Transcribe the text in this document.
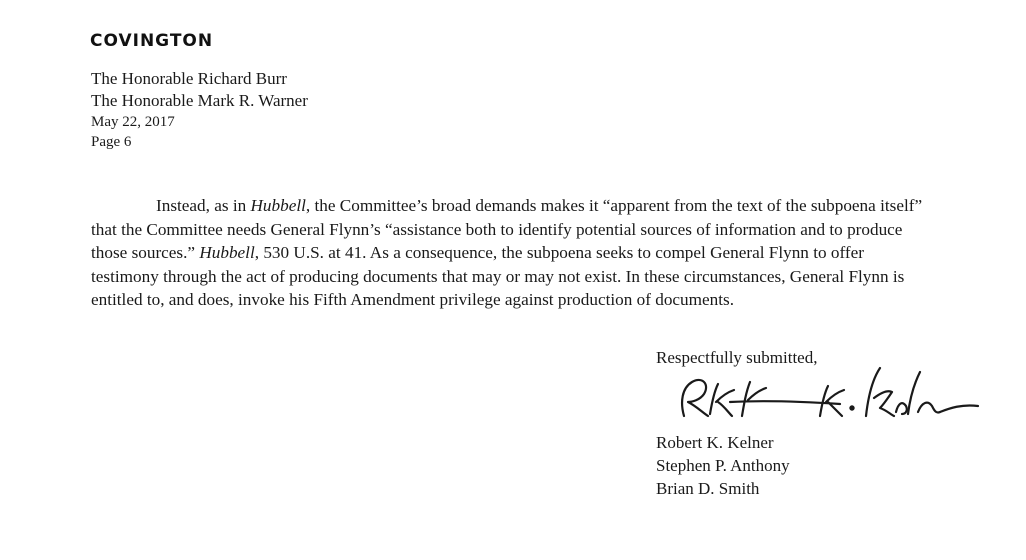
COVINGTON
The Honorable Richard Burr
The Honorable Mark R. Warner
May 22, 2017
Page 6

Instead, as in Hubbell, the Committee’s broad demands makes it “apparent from the text of the subpoena itself” that the Committee needs General Flynn’s “assistance both to identify potential sources of information and to produce those sources.” Hubbell, 530 U.S. at 41. As a consequence, the subpoena seeks to compel General Flynn to offer testimony through the act of producing documents that may or may not exist. In these circumstances, General Flynn is entitled to, and does, invoke his Fifth Amendment privilege against production of documents.

Respectfully submitted,
Robert K. Kelner
Stephen P. Anthony
Brian D. Smith
